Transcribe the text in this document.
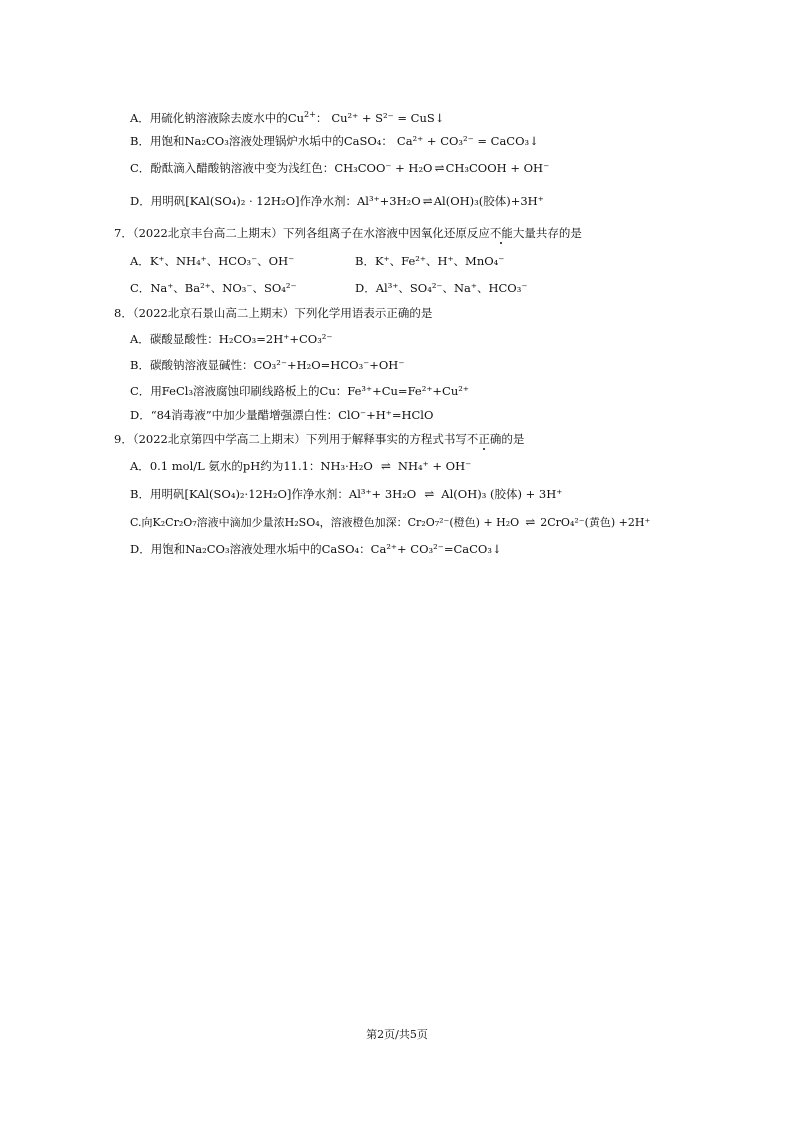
A．用硫化钠溶液除去废水中的$Cu^{2+}$： Cu²⁺ + S²⁻ = CuS↓
B．用饱和Na₂CO₃溶液处理锅炉水垢中的CaSO₄： Ca²⁺ + CO₃²⁻ = CaCO₃↓
C．酚酞滴入醋酸钠溶液中变为浅红色：CH₃COO⁻ + H₂O ⇌ CH₃COOH + OH⁻
D．用明矾[KAl(SO₄)₂ · 12H₂O]作净水剂：Al³⁺+3H₂O ⇌ Al(OH)₃(胶体)+3H⁺
7．（2022北京丰台高二上期末）下列各组离子在水溶液中因氧化还原反应不能大量共存的是
A．K⁺、NH₄⁺、HCO₃⁻、OH⁻	B．K⁺、Fe²⁺、H⁺、MnO₄⁻
C．Na⁺、Ba²⁺、NO₃⁻、SO₄²⁻	D．Al³⁺、SO₄²⁻、Na⁺、HCO₃⁻
8．（2022北京石景山高二上期末）下列化学用语表示正确的是
A．碳酸显酸性：H₂CO₃=2H⁺+CO₃²⁻
B．碳酸钠溶液显碱性：CO₃²⁻+H₂O=HCO₃⁻+OH⁻
C．用FeCl₃溶液腐蚀印刷线路板上的Cu：Fe³⁺+Cu=Fe²⁺+Cu²⁺
D．“84消毒液”中加少量醋增强漂白性：ClO⁻+H⁺=HClO
9．（2022北京第四中学高二上期末）下列用于解释事实的方程式书写不正确的是
A．0.1 mol/L 氨水的pH约为11.1：NH₃·H₂O ⇌ NH₄⁺ + OH⁻
B．用明矾[KAl(SO₄)₂·12H₂O]作净水剂：Al³⁺+ 3H₂O ⇌ Al(OH)₃ (胶体) + 3H⁺
C.向K₂Cr₂O₇溶液中滴加少量浓H₂SO₄，溶液橙色加深：Cr₂O₇²⁻(橙色) + H₂O ⇌ 2CrO₄²⁻(黄色) +2H⁺
D．用饱和Na₂CO₃溶液处理水垢中的CaSO₄：Ca²⁺+ CO₃²⁻=CaCO₃↓
第2页/共5页
